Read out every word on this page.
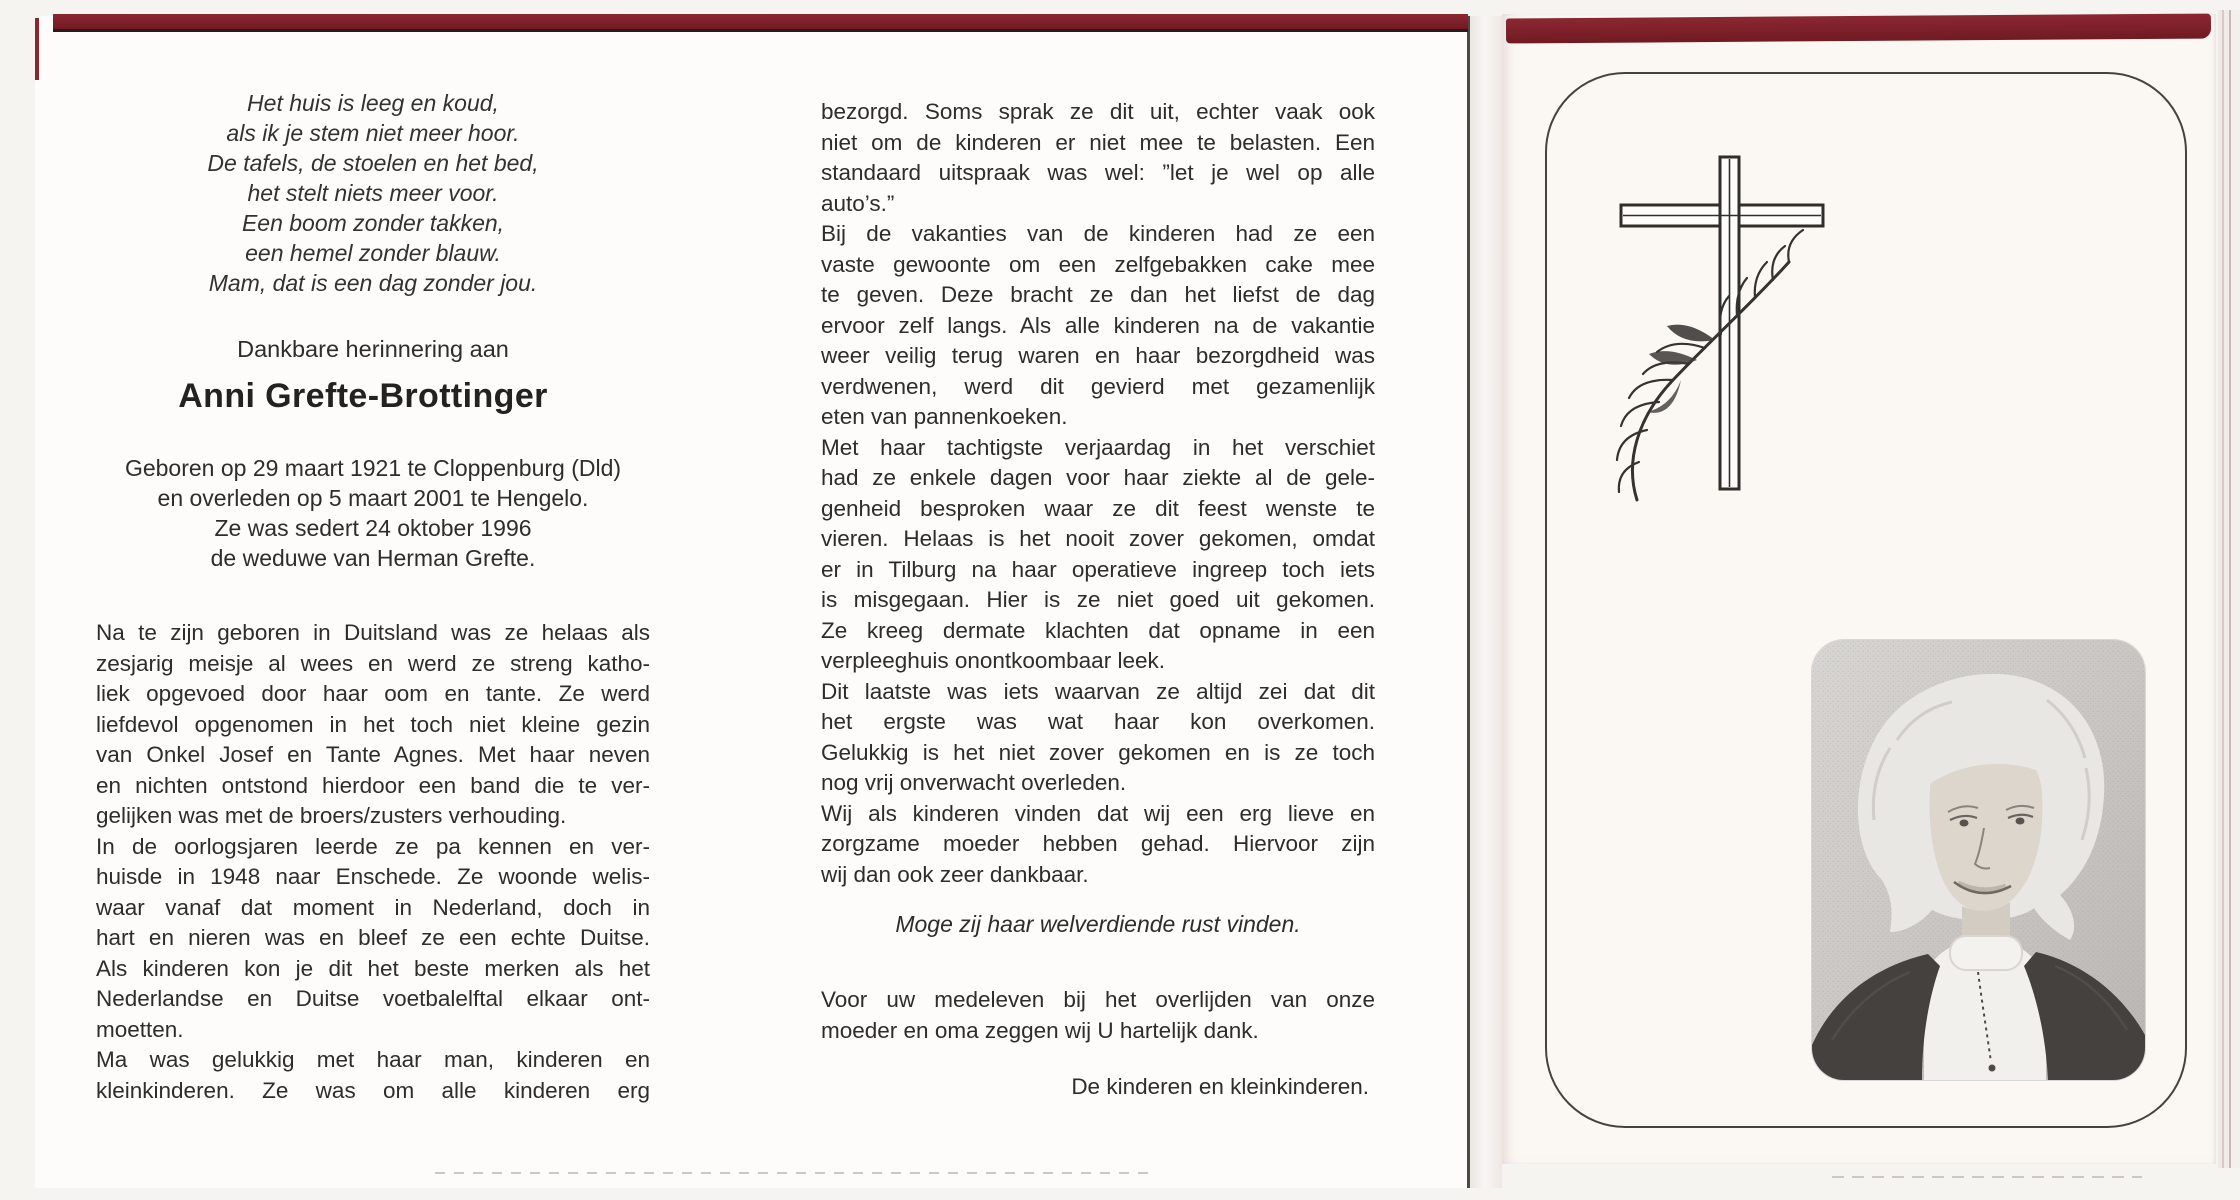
Het huis is leeg en koud,
als ik je stem niet meer hoor.
De tafels, de stoelen en het bed,
het stelt niets meer voor.
Een boom zonder takken,
een hemel zonder blauw.
Mam, dat is een dag zonder jou.
Dankbare herinnering aan
Anni Grefte-Brottinger
Geboren op 29 maart 1921 te Cloppenburg (Dld)
en overleden op 5 maart 2001 te Hengelo.
Ze was sedert 24 oktober 1996
de weduwe van Herman Grefte.
Na te zijn geboren in Duitsland was ze helaas als
zesjarig meisje al wees en werd ze streng katho-
liek opgevoed door haar oom en tante. Ze werd
liefdevol opgenomen in het toch niet kleine gezin
van Onkel Josef en Tante Agnes. Met haar neven
en nichten ontstond hierdoor een band die te ver-
gelijken was met de broers/zusters verhouding.
In de oorlogsjaren leerde ze pa kennen en ver-
huisde in 1948 naar Enschede. Ze woonde welis-
waar vanaf dat moment in Nederland, doch in
hart en nieren was en bleef ze een echte Duitse.
Als kinderen kon je dit het beste merken als het
Nederlandse en Duitse voetbalelftal elkaar ont-
moetten.
Ma was gelukkig met haar man, kinderen en
kleinkinderen. Ze was om alle kinderen erg
bezorgd. Soms sprak ze dit uit, echter vaak ook
niet om de kinderen er niet mee te belasten. Een
standaard uitspraak was wel: ”let je wel op alle
auto’s.”
Bij de vakanties van de kinderen had ze een
vaste gewoonte om een zelfgebakken cake mee
te geven. Deze bracht ze dan het liefst de dag
ervoor zelf langs. Als alle kinderen na de vakantie
weer veilig terug waren en haar bezorgdheid was
verdwenen, werd dit gevierd met gezamenlijk
eten van pannenkoeken.
Met haar tachtigste verjaardag in het verschiet
had ze enkele dagen voor haar ziekte al de gele-
genheid besproken waar ze dit feest wenste te
vieren. Helaas is het nooit zover gekomen, omdat
er in Tilburg na haar operatieve ingreep toch iets
is misgegaan. Hier is ze niet goed uit gekomen.
Ze kreeg dermate klachten dat opname in een
verpleeghuis onontkoombaar leek.
Dit laatste was iets waarvan ze altijd zei dat dit
het ergste was wat haar kon overkomen.
Gelukkig is het niet zover gekomen en is ze toch
nog vrij onverwacht overleden.
Wij als kinderen vinden dat wij een erg lieve en
zorgzame moeder hebben gehad. Hiervoor zijn
wij dan ook zeer dankbaar.
Moge zij haar welverdiende rust vinden.
Voor uw medeleven bij het overlijden van onze
moeder en oma zeggen wij U hartelijk dank.
De kinderen en kleinkinderen.
